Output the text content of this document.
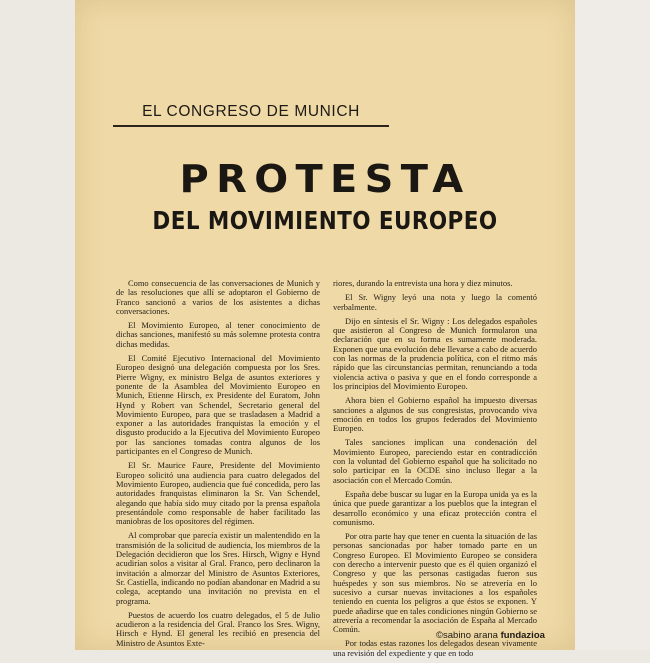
EL CONGRESO DE MUNICH
PROTESTA
DEL MOVIMIENTO EUROPEO

Como consecuencia de las conversaciones de Munich y de las resoluciones que allí se adoptaron el Gobierno de Franco sancionó a varios de los asistentes a dichas conversaciones.

El Movimiento Europeo, al tener conocimiento de dichas sanciones, manifestó su más solemne protesta contra dichas medidas.

El Comité Ejecutivo Internacional del Movimiento Europeo designó una delegación compuesta por los Sres. Pierre Wigny, ex ministro Belga de asuntos exteriores y ponente de la Asamblea del Movimiento Europeo en Munich, Etienne Hirsch, ex Presidente del Euratom, John Hynd y Robert van Schendel, Secretario general del Movimiento Europeo, para que se trasladasen a Madrid a exponer a las autoridades franquistas la emoción y el disgusto producido a la Ejecutiva del Movimiento Europeo por las sanciones tomadas contra algunos de los participantes en el Congreso de Munich.

El Sr. Maurice Faure, Presidente del Movimiento Europeo solicitó una audiencia para cuatro delegados del Movimiento Europeo, audiencia que fué concedida, pero las autoridades franquistas eliminaron la Sr. Van Schendel, alegando que había sido muy citado por la prensa española presentándole como responsable de haber facilitado las maniobras de los opositores del régimen.

Al comprobar que parecía existir un malentendido en la transmisión de la solicitud de audiencia, los miembros de la Delegación decidieron que los Sres. Hirsch, Wigny e Hynd acudirían solos a visitar al Gral. Franco, pero declinaron la invitación a almorzar del Ministro de Asuntos Exteriores, Sr. Castiella, indicando no podían abandonar en Madrid a su colega, aceptando una invitación no prevista en el programa.

Puestos de acuerdo los cuatro delegados, el 5 de Julio acudieron a la residencia del Gral. Franco los Sres. Wigny, Hirsch e Hynd. El general les recibió en presencia del Ministro de Asuntos Exte-

riores, durando la entrevista una hora y diez minutos.

El Sr. Wigny leyó una nota y luego la comentó verbalmente.

Dijo en síntesis el Sr. Wigny : Los delegados españoles que asistieron al Congreso de Munich formularon una declaración que en su forma es sumamente moderada. Exponen que una evolución debe llevarse a cabo de acuerdo con las normas de la prudencia política, con el ritmo más rápido que las circunstancias permitan, renunciando a toda violencia activa o pasiva y que en el fondo corresponde a los principios del Movimiento Europeo.

Ahora bien el Gobierno español ha impuesto diversas sanciones a algunos de sus congresistas, provocando viva emoción en todos los grupos federados del Movimiento Europeo.

Tales sanciones implican una condenación del Movimiento Europeo, pareciendo estar en contradicción con la voluntad del Gobierno español que ha solicitado no solo participar en la OCDE sino incluso llegar a la asociación con el Mercado Común.

España debe buscar su lugar en la Europa unida ya es la única que puede garantizar a los pueblos que la integran el desarrollo económico y una eficaz protección contra el comunismo.

Por otra parte hay que tener en cuenta la situación de las personas sancionadas por haber tomado parte en un Congreso Europeo. El Movimiento Europeo se considera con derecho a intervenir puesto que es él quien organizó el Congreso y que las personas castigadas fueron sus huéspedes y son sus miembros. No se atrevería en lo sucesivo a cursar nuevas invitaciones a los españoles teniendo en cuenta los peligros a que éstos se exponen. Y puede añadirse que en tales condiciones ningún Gobierno se atrevería a recomendar la asociación de España al Mercado Común.

Por todas estas razones los delegados desean vivamente una revisión del expediente y que en todo

©sabino arana fundazioa
